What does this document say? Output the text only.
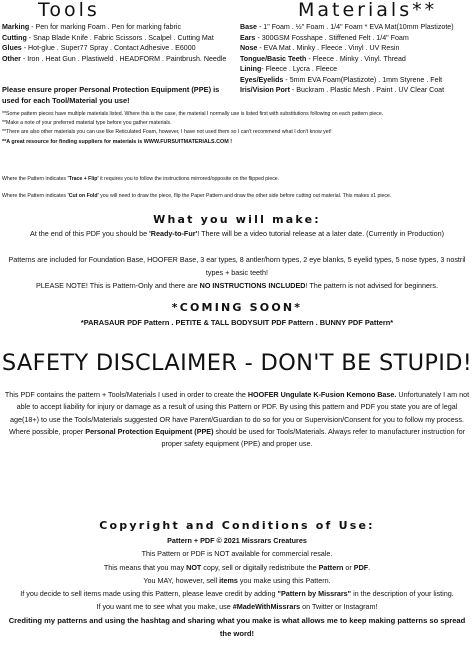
Tools	Materials**
Marking - Pen for marking Foam . Pen for marking fabric
Cutting - Snap Blade Knife . Fabric Scissors . Scalpel . Cutting Mat
Glues - Hot-glue . Super77 Spray . Contact Adhesive . E6000
Other - Iron . Heat Gun . Plastiweld . HEADFORM . Paintbrush. Needle

Please ensure proper Personal Protection Equipment (PPE) is used for each Tool/Material you use!

Base - 1" Foam . ½" Foam . 1/4" Foam * EVA Mat(10mm Plastizote)
Ears - 300GSM Fosshape . Stiffened Felt . 1/4" Foam
Nose - EVA Mat . Minky . Fleece . Vinyl . UV Resin
Tongue/Basic Teeth - Fleece . Minky . Vinyl. Thread
Lining- Fleece . Lycra . Fleece
Eyes/Eyelids - 5mm EVA Foam(Plastizote) . 1mm Styrene . Felt
Iris/Vision Port - Buckram . Plastic Mesh . Paint . UV Clear Coat

**Some pattern pieces have multiple materials listed. Where this is the case, the material I normally use is listed first with substitutions following on each pattern piece.

**Make a note of your preferred material type before you gather materials.

**There are also other materials you can use like Reticulated Foam, however, I have not used them so I can't recommend what I don't know yet!

**A great resource for finding suppliers for materials is WWW.FURSUITMATERIALS.COM !

Where the Pattern indicates 'Trace + Flip' it requires you to follow the instructions mirrored/opposite on the flipped piece.

Where the Pattern indicates 'Cut on Fold' you will need to draw the piece, flip the Paper Pattern and draw the other side before cutting out material. This makes x1 piece.

What you will make:

At the end of this PDF you should be 'Ready-to-Fur'! There will be a video tutorial release at a later date. (Currently in Production)

Patterns are included for Foundation Base, HOOFER Base, 3 ear types, 8 antler/horn types, 2 eye blanks, 5 eyelid types, 5 nose types, 3 nostril types + basic teeth!

PLEASE NOTE! This is Pattern-Only and there are NO INSTRUCTIONS INCLUDED! The pattern is not advised for beginners.

*COMING SOON*

*PARASAUR PDF Pattern . PETITE & TALL BODYSUIT PDF Pattern . BUNNY PDF Pattern*

SAFETY DISCLAIMER - DON'T BE STUPID!
This PDF contains the pattern + Tools/Materials I used in order to create the HOOFER Ungulate K-Fusion Kemono Base. Unfortunately I am not able to accept liability for injury or damage as a result of using this Pattern or PDF. By using this pattern and PDF you state you are of legal age(18+) to use the Tools/Materials suggested OR have Parent/Guardian to do so for you or Supervision/Consent for you to follow my process.
Where possible, proper Personal Protection Equipment (PPE) should be used for Tools/Materials. Always refer to manufacturer instruction for proper safety equipment (PPE) and proper use.
Copyright and Conditions of Use:
Pattern + PDF © 2021 Missrars Creatures
This Pattern or PDF is NOT available for commercial resale.
This means that you may NOT copy, sell or digitally redistribute the Pattern or PDF.
You MAY, however, sell items you make using this Pattern.
If you decide to sell items made using this Pattern, please leave credit by adding "Pattern by Missrars" in the description of your listing.
If you want me to see what you make, use #MadeWithMissrars on Twitter or Instagram!
Crediting my patterns and using the hashtag and sharing what you make is what allows me to keep making patterns so spread the word!
